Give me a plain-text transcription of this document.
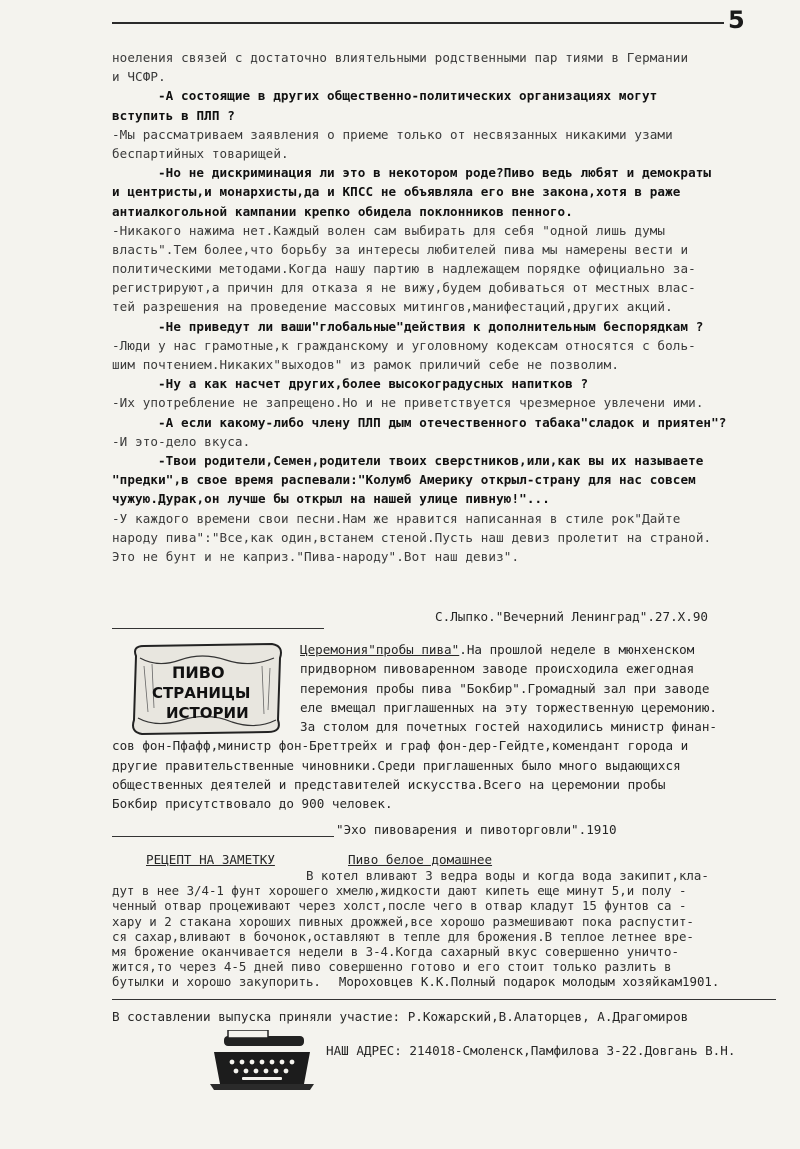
5
ноеления связей с достаточно влиятельными родственными пар тиями в Германии
и ЧСФР.
-А состоящие в других общественно-политических организациях могут
вступить в ПЛП ?
-Мы рассматриваем заявления о приеме только от несвязанных никакими узами
беспартийных товарищей.
-Но не дискриминация ли это в некотором роде?Пиво ведь любят и демократы
и центристы,и монархисты,да и КПСС не объявляла его вне закона,хотя в раже
антиалкогольной кампании крепко обидела поклонников пенного.
-Никакого нажима нет.Каждый волен сам выбирать для себя "одной лишь думы
власть".Тем более,что борьбу за интересы любителей пива мы намерены вести и
политическими методами.Когда нашу партию в надлежащем порядке официально за-
регистрируют,а причин для отказа я не вижу,будем добиваться от местных влас-
тей разрешения на проведение массовых митингов,манифестаций,других акций.
-Не приведут ли ваши"глобальные"действия к дополнительным беспорядкам ?
-Люди у нас грамотные,к гражданскому и уголовному кодексам относятся с боль-
шим почтением.Никаких"выходов" из рамок приличий себе не позволим.
-Ну а как насчет других,более высокоградусных напитков ?
-Их употребление не запрещено.Но и не приветствуется чрезмерное увлечени ими.
-А если какому-либо члену ПЛП дым отечественного табака"сладок и приятен"?
-И это-дело вкуса.
-Твои родители,Семен,родители твоих сверстников,или,как вы их называете
"предки",в свое время распевали:"Колумб Америку открыл-страну для нас совсем
чужую.Дурак,он лучше бы открыл на нашей улице пивную!"...
-У каждого времени свои песни.Нам же нравится написанная в стиле рок"Дайте
народу пива":"Все,как один,встанем стеной.Пусть наш девиз пролетит на страной.
Это не бунт и не каприз."Пива-народу".Вот наш девиз".
С.Лыпко."Вечерний Ленинград".27.Х.90
ПИВО
СТРАНИЦЫ
ИСТОРИИ
Церемония"пробы пива".На прошлой неделе в мюнхенском
придворном пивоваренном заводе происходила ежегодная
перемония пробы пива "Бокбир".Громадный зал при заводе
еле вмещал приглашенных на эту торжественную церемонию.
За столом для почетных гостей находились министр финан-
сов фон-Пфафф,министр фон-Бреттрейх и граф фон-дер-Гейдте,комендант города и
другие правительственные чиновники.Среди приглашенных было много выдающихся
общественных деятелей и представителей искусства.Всего на церемонии пробы
Бокбир присутствовало до 900 человек.
"Эхо пивоварения и пивоторговли".1910
РЕЦЕПТ НА ЗАМЕТКУ	Пиво белое домашнее
В котел вливают 3 ведра воды и когда вода закипит,кла-
дут в нее 3/4-1 фунт хорошего хмелю,жидкости дают кипеть еще минут 5,и полу -
ченный отвар процеживают через холст,после чего в отвар кладут 15 фунтов са -
хару и 2 стакана хороших пивных дрожжей,все хорошо размешивают пока распустит-
ся сахар,вливают в бочонок,оставляют в тепле для брожения.В теплое летнее вре-
мя брожение оканчивается недели в 3-4.Когда сахарный вкус совершенно уничто-
жится,то через 4-5 дней пиво совершенно готово и его стоит только разлить в
бутылки и хорошо закупорить. Мороховцев К.К.Полный подарок молодым хозяйкам1901.
В составлении выпуска приняли участие: Р.Кожарский,В.Алаторцев, А.Драгомиров
НАШ АДРЕС: 214018-Смоленск,Памфилова 3-22.Довгань В.Н.
